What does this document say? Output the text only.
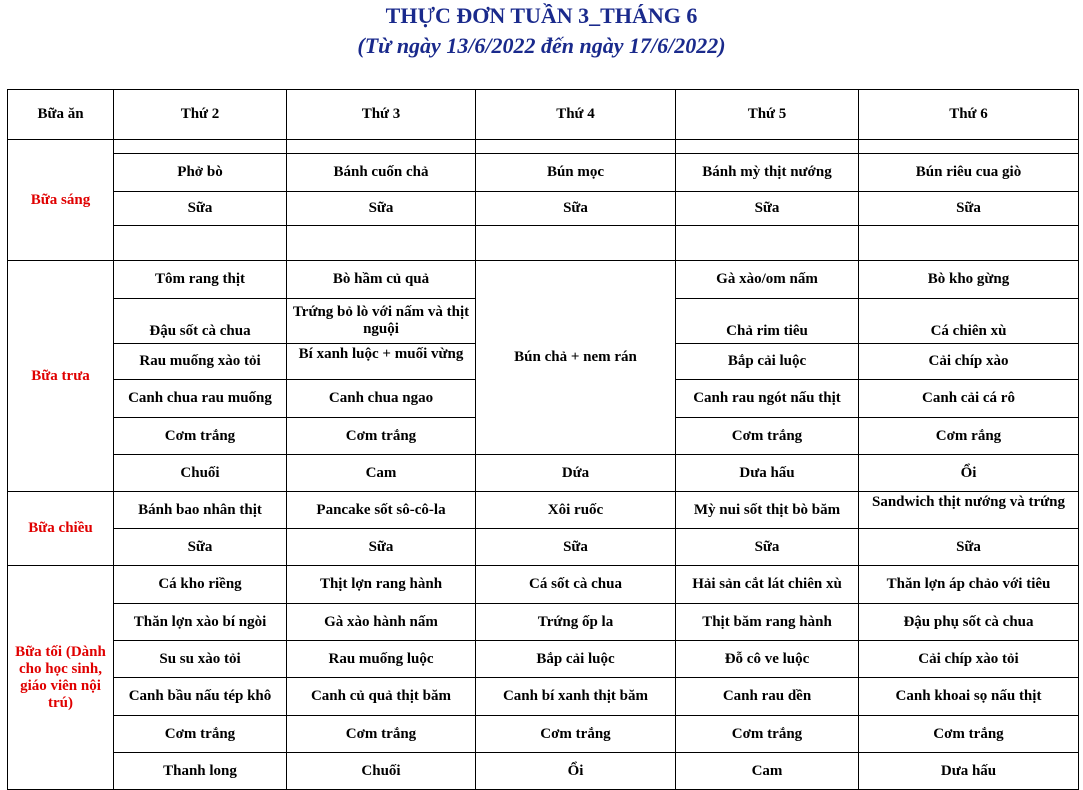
THỰC ĐƠN TUẦN 3_THÁNG 6
(Từ ngày 13/6/2022 đến ngày 17/6/2022)
Bữa ăn	Thứ 2	Thứ 3	Thứ 4	Thứ 5	Thứ 6
Bữa sáng					
	Phở bò	Bánh cuốn chả	Bún mọc	Bánh mỳ thịt nướng	Bún riêu cua giò
	Sữa	Sữa	Sữa	Sữa	Sữa

Bữa trưa	Tôm rang thịt	Bò hầm củ quả	Bún chả + nem rán	Gà xào/om nấm	Bò kho gừng
	Đậu sốt cà chua	Trứng bỏ lò với nấm và thịt nguội		Chả rim tiêu	Cá chiên xù
	Rau muống xào tỏi	Bí xanh luộc + muối vừng		Bắp cải luộc	Cải chíp xào
	Canh chua rau muống	Canh chua ngao		Canh rau ngót nấu thịt	Canh cải cá rô
	Cơm trắng	Cơm trắng		Cơm trắng	Cơm rắng
	Chuối	Cam	Dứa	Dưa hấu	Ổi
Bữa chiều	Bánh bao nhân thịt	Pancake sốt sô-cô-la	Xôi ruốc	Mỳ nui sốt thịt bò băm	Sandwich thịt nướng và trứng
	Sữa	Sữa	Sữa	Sữa	Sữa
Bữa tối (Dành cho học sinh, giáo viên nội trú)	Cá kho riềng	Thịt lợn rang hành	Cá sốt cà chua	Hải sản cắt lát chiên xù	Thăn lợn áp chảo với tiêu
	Thăn lợn xào bí ngòi	Gà xào hành nấm	Trứng ốp la	Thịt băm rang hành	Đậu phụ sốt cà chua
	Su su xào tỏi	Rau muống luộc	Bắp cải luộc	Đỗ cô ve luộc	Cải chíp xào tỏi
	Canh bầu nấu tép khô	Canh củ quả thịt băm	Canh bí xanh thịt băm	Canh rau dền	Canh khoai sọ nấu thịt
	Cơm trắng	Cơm trắng	Cơm trắng	Cơm trắng	Cơm trắng
	Thanh long	Chuối	Ổi	Cam	Dưa hấu
